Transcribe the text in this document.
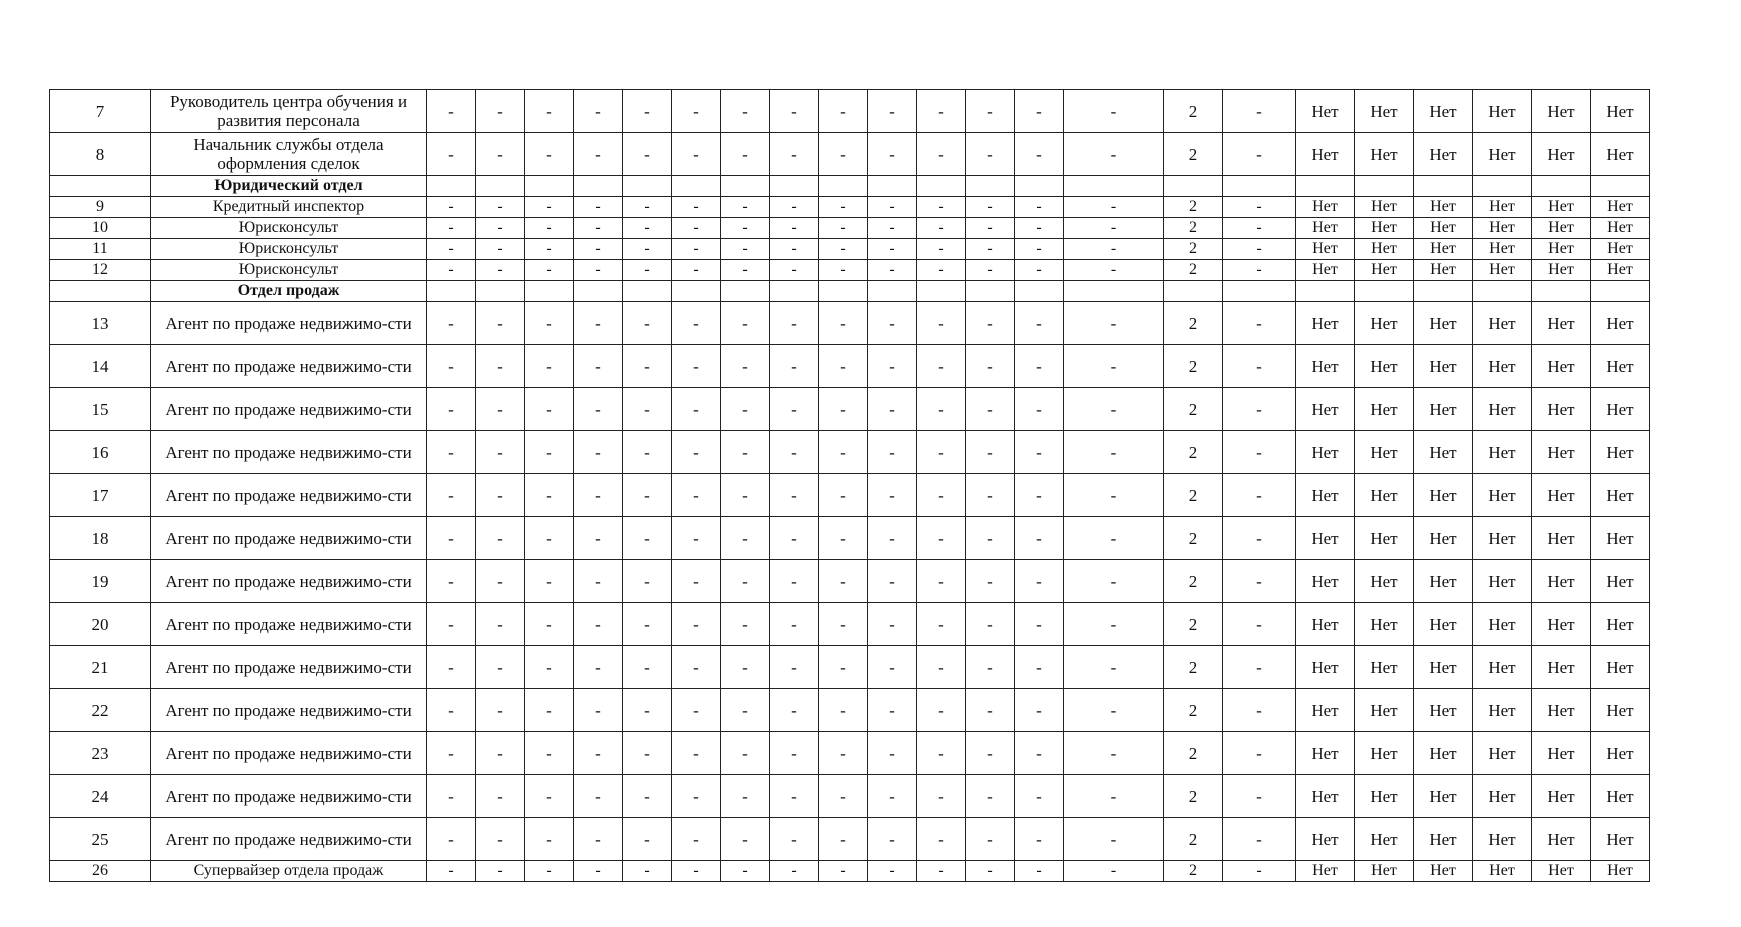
7	Руководитель центра обучения и развития персонала	-	-	-	-	-	-	-	-	-	-	-	-	-	-	2	-	Нет	Нет	Нет	Нет	Нет	Нет
8	Начальник службы отдела оформления сделок	-	-	-	-	-	-	-	-	-	-	-	-	-	-	2	-	Нет	Нет	Нет	Нет	Нет	Нет
	Юридический отдел																						
9	Кредитный инспектор	-	-	-	-	-	-	-	-	-	-	-	-	-	-	2	-	Нет	Нет	Нет	Нет	Нет	Нет
10	Юрисконсульт	-	-	-	-	-	-	-	-	-	-	-	-	-	-	2	-	Нет	Нет	Нет	Нет	Нет	Нет
11	Юрисконсульт	-	-	-	-	-	-	-	-	-	-	-	-	-	-	2	-	Нет	Нет	Нет	Нет	Нет	Нет
12	Юрисконсульт	-	-	-	-	-	-	-	-	-	-	-	-	-	-	2	-	Нет	Нет	Нет	Нет	Нет	Нет
	Отдел продаж																						
13	Агент по продаже недвижимо-сти	-	-	-	-	-	-	-	-	-	-	-	-	-	-	2	-	Нет	Нет	Нет	Нет	Нет	Нет
14	Агент по продаже недвижимо-сти	-	-	-	-	-	-	-	-	-	-	-	-	-	-	2	-	Нет	Нет	Нет	Нет	Нет	Нет
15	Агент по продаже недвижимо-сти	-	-	-	-	-	-	-	-	-	-	-	-	-	-	2	-	Нет	Нет	Нет	Нет	Нет	Нет
16	Агент по продаже недвижимо-сти	-	-	-	-	-	-	-	-	-	-	-	-	-	-	2	-	Нет	Нет	Нет	Нет	Нет	Нет
17	Агент по продаже недвижимо-сти	-	-	-	-	-	-	-	-	-	-	-	-	-	-	2	-	Нет	Нет	Нет	Нет	Нет	Нет
18	Агент по продаже недвижимо-сти	-	-	-	-	-	-	-	-	-	-	-	-	-	-	2	-	Нет	Нет	Нет	Нет	Нет	Нет
19	Агент по продаже недвижимо-сти	-	-	-	-	-	-	-	-	-	-	-	-	-	-	2	-	Нет	Нет	Нет	Нет	Нет	Нет
20	Агент по продаже недвижимо-сти	-	-	-	-	-	-	-	-	-	-	-	-	-	-	2	-	Нет	Нет	Нет	Нет	Нет	Нет
21	Агент по продаже недвижимо-сти	-	-	-	-	-	-	-	-	-	-	-	-	-	-	2	-	Нет	Нет	Нет	Нет	Нет	Нет
22	Агент по продаже недвижимо-сти	-	-	-	-	-	-	-	-	-	-	-	-	-	-	2	-	Нет	Нет	Нет	Нет	Нет	Нет
23	Агент по продаже недвижимо-сти	-	-	-	-	-	-	-	-	-	-	-	-	-	-	2	-	Нет	Нет	Нет	Нет	Нет	Нет
24	Агент по продаже недвижимо-сти	-	-	-	-	-	-	-	-	-	-	-	-	-	-	2	-	Нет	Нет	Нет	Нет	Нет	Нет
25	Агент по продаже недвижимо-сти	-	-	-	-	-	-	-	-	-	-	-	-	-	-	2	-	Нет	Нет	Нет	Нет	Нет	Нет
26	Супервайзер отдела продаж	-	-	-	-	-	-	-	-	-	-	-	-	-	-	2	-	Нет	Нет	Нет	Нет	Нет	Нет
